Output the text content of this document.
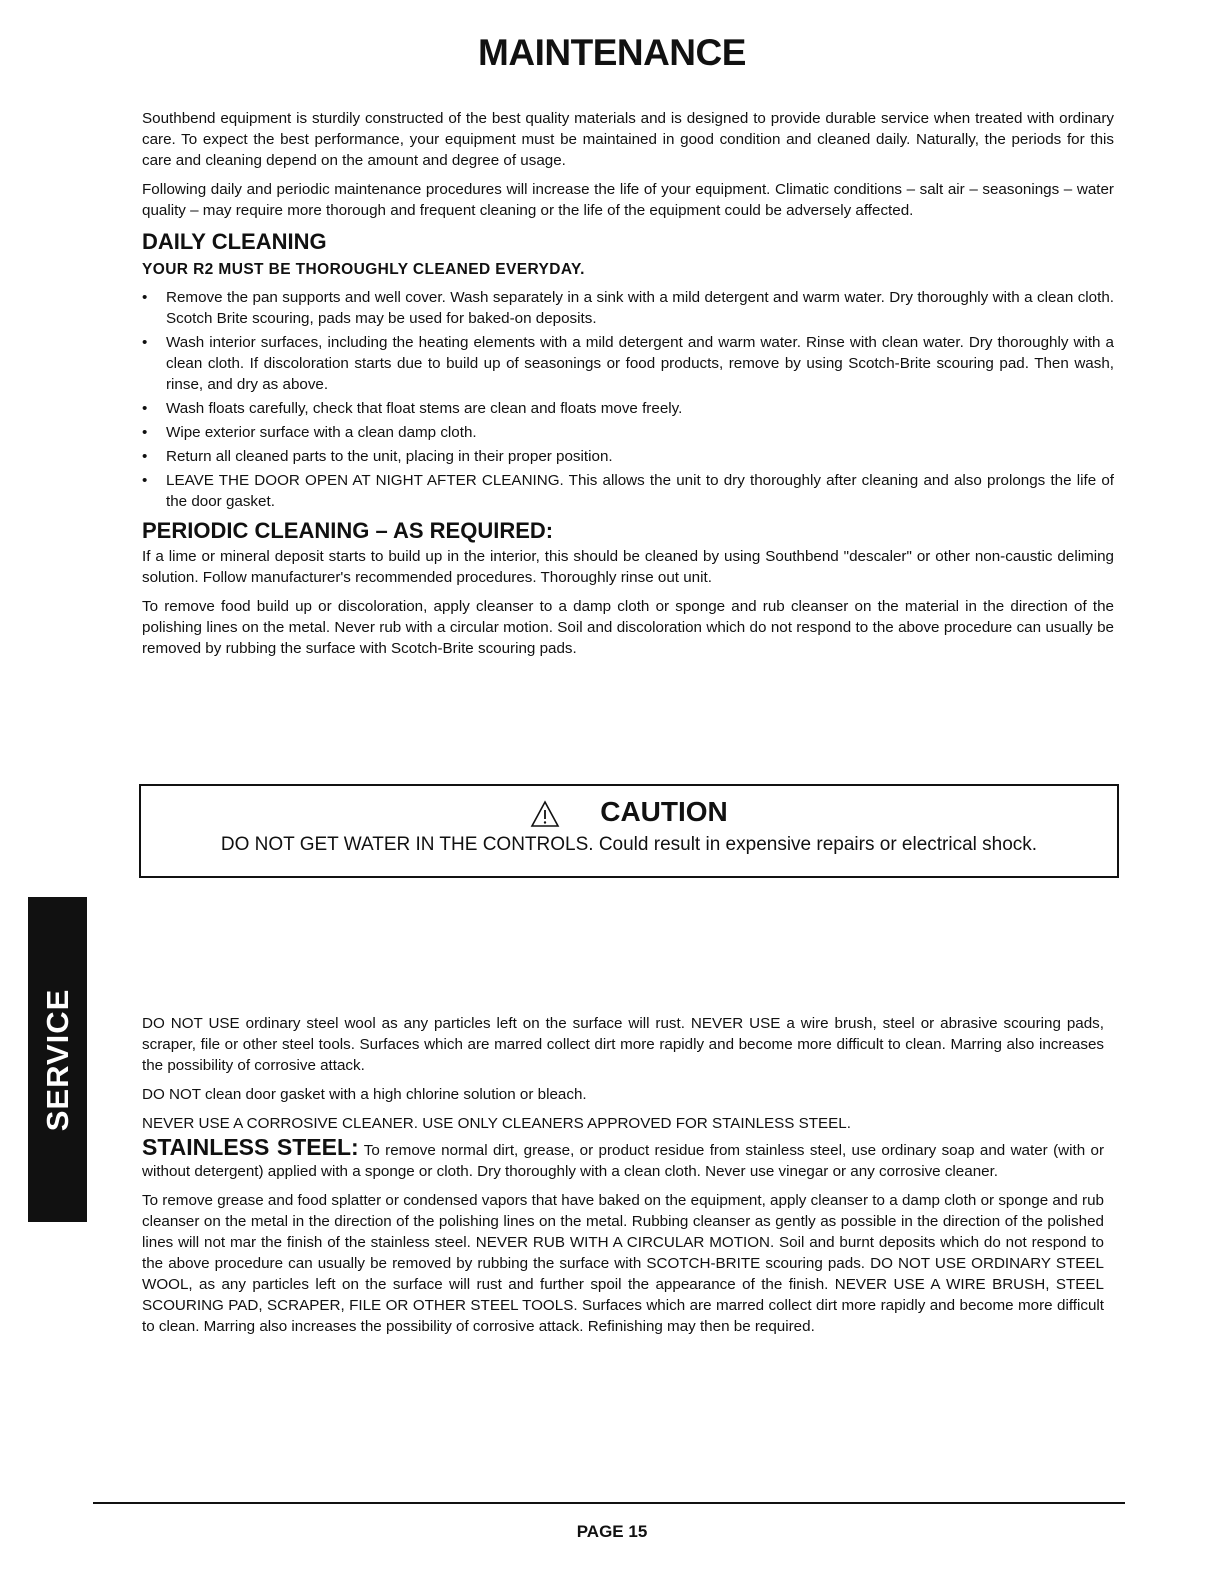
MAINTENANCE

Southbend equipment is sturdily constructed of the best quality materials and is designed to provide durable service when treated with ordinary care. To expect the best performance, your equipment must be maintained in good condition and cleaned daily. Naturally, the periods for this care and cleaning depend on the amount and degree of usage.

Following daily and periodic maintenance procedures will increase the life of your equipment. Climatic conditions – salt air – seasonings – water quality – may require more thorough and frequent cleaning or the life of the equipment could be adversely affected.

DAILY CLEANING
YOUR R2 MUST BE THOROUGHLY CLEANED EVERYDAY.
• Remove the pan supports and well cover. Wash separately in a sink with a mild detergent and warm water. Dry thoroughly with a clean cloth. Scotch Brite scouring, pads may be used for baked-on deposits.
• Wash interior surfaces, including the heating elements with a mild detergent and warm water. Rinse with clean water. Dry thoroughly with a clean cloth. If discoloration starts due to build up of seasonings or food products, remove by using Scotch-Brite scouring pad. Then wash, rinse, and dry as above.
• Wash floats carefully, check that float stems are clean and floats move freely.
• Wipe exterior surface with a clean damp cloth.
• Return all cleaned parts to the unit, placing in their proper position.
• LEAVE THE DOOR OPEN AT NIGHT AFTER CLEANING. This allows the unit to dry thoroughly after cleaning and also prolongs the life of the door gasket.
PERIODIC CLEANING – AS REQUIRED:

If a lime or mineral deposit starts to build up in the interior, this should be cleaned by using Southbend "descaler" or other non-caustic deliming solution. Follow manufacturer's recommended procedures. Thoroughly rinse out unit.

To remove food build up or discoloration, apply cleanser to a damp cloth or sponge and rub cleanser on the material in the direction of the polishing lines on the metal. Never rub with a circular motion. Soil and discoloration which do not respond to the above procedure can usually be removed by rubbing the surface with Scotch-Brite scouring pads.

CAUTION
DO NOT GET WATER IN THE CONTROLS. Could result in expensive repairs or electrical shock.
SERVICE	DO NOT USE ordinary steel wool as any particles left on the surface will rust. NEVER USE a wire brush, steel or abrasive scouring pads, scraper, file or other steel tools. Surfaces which are marred collect dirt more rapidly and become more difficult to clean. Marring also increases the possibility of corrosive attack.

DO NOT clean door gasket with a high chlorine solution or bleach.

NEVER USE A CORROSIVE CLEANER. USE ONLY CLEANERS APPROVED FOR STAINLESS STEEL.

STAINLESS STEEL: To remove normal dirt, grease, or product residue from stainless steel, use ordinary soap and water (with or without detergent) applied with a sponge or cloth. Dry thoroughly with a clean cloth. Never use vinegar or any corrosive cleaner.

To remove grease and food splatter or condensed vapors that have baked on the equipment, apply cleanser to a damp cloth or sponge and rub cleanser on the metal in the direction of the polishing lines on the metal. Rubbing cleanser as gently as possible in the direction of the polished lines will not mar the finish of the stainless steel. NEVER RUB WITH A CIRCULAR MOTION. Soil and burnt deposits which do not respond to the above procedure can usually be removed by rubbing the surface with SCOTCH-BRITE scouring pads. DO NOT USE ORDINARY STEEL WOOL, as any particles left on the surface will rust and further spoil the appearance of the finish. NEVER USE A WIRE BRUSH, STEEL SCOURING PAD, SCRAPER, FILE OR OTHER STEEL TOOLS. Surfaces which are marred collect dirt more rapidly and become more difficult to clean. Marring also increases the possibility of corrosive attack. Refinishing may then be required.

PAGE 15
